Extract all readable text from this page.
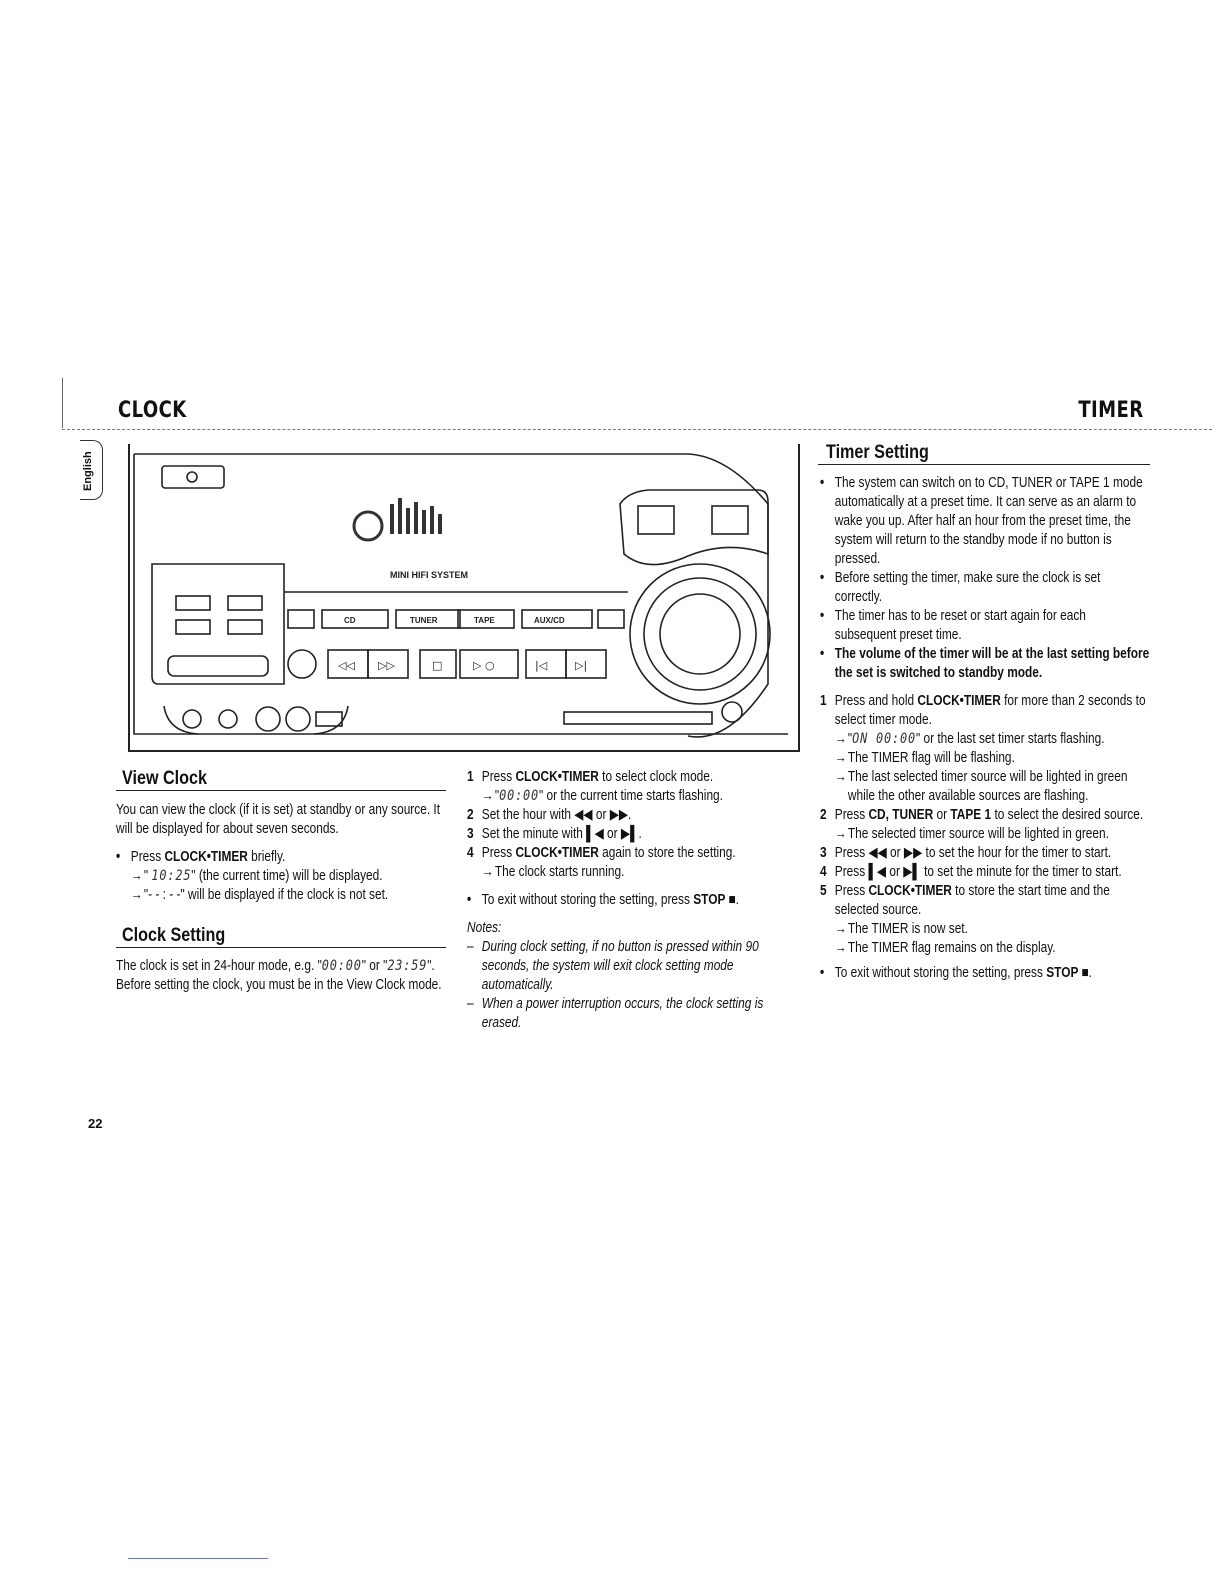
CLOCK	TIMER
English
MINI HIFI SYSTEM
CD	TUNER	TAPE	AUX/CD
◁◁ ▷▷	□	▷ ○	|◁	▷|
View Clock

You can view the clock (if it is set) at standby or any source. It will be displayed for about seven seconds.

• Press CLOCK•TIMER briefly.

→ " 10:25" (the current time) will be displayed.

→ "- - : - -" will be displayed if the clock is not set.

Clock Setting

The clock is set in 24-hour mode, e.g. "00:00" or "23:59". Before setting the clock, you must be in the View Clock mode.

1 Press CLOCK•TIMER to select clock mode.

→ "00:00" or the current time starts flashing.

2 Set the hour with ◀◀ or ▶▶.

3 Set the minute with ▌◀ or ▶▌.

4 Press CLOCK•TIMER again to store the setting.

→ The clock starts running.

• To exit without storing the setting, press STOP ■.

Notes:

– During clock setting, if no button is pressed within 90 seconds, the system will exit clock setting mode automatically.

– When a power interruption occurs, the clock setting is erased.

Timer Setting

• The system can switch on to CD, TUNER or TAPE 1 mode automatically at a preset time. It can serve as an alarm to wake you up. After half an hour from the preset time, the system will return to the standby mode if no button is pressed.

• Before setting the timer, make sure the clock is set correctly.

• The timer has to be reset or start again for each subsequent preset time.

• The volume of the timer will be at the last setting before the set is switched to standby mode.

1 Press and hold CLOCK•TIMER for more than 2 seconds to select timer mode.

→ "ON 00:00" or the last set timer starts flashing.

→ The TIMER flag will be flashing.

→ The last selected timer source will be lighted in green while the other available sources are flashing.

2 Press CD, TUNER or TAPE 1 to select the desired source.

→ The selected timer source will be lighted in green.

3 Press ◀◀ or ▶▶ to set the hour for the timer to start.

4 Press ▌◀ or ▶▌ to set the minute for the timer to start.

5 Press CLOCK•TIMER to store the start time and the selected source.

→ The TIMER is now set.

→ The TIMER flag remains on the display.

• To exit without storing the setting, press STOP ■.

22
